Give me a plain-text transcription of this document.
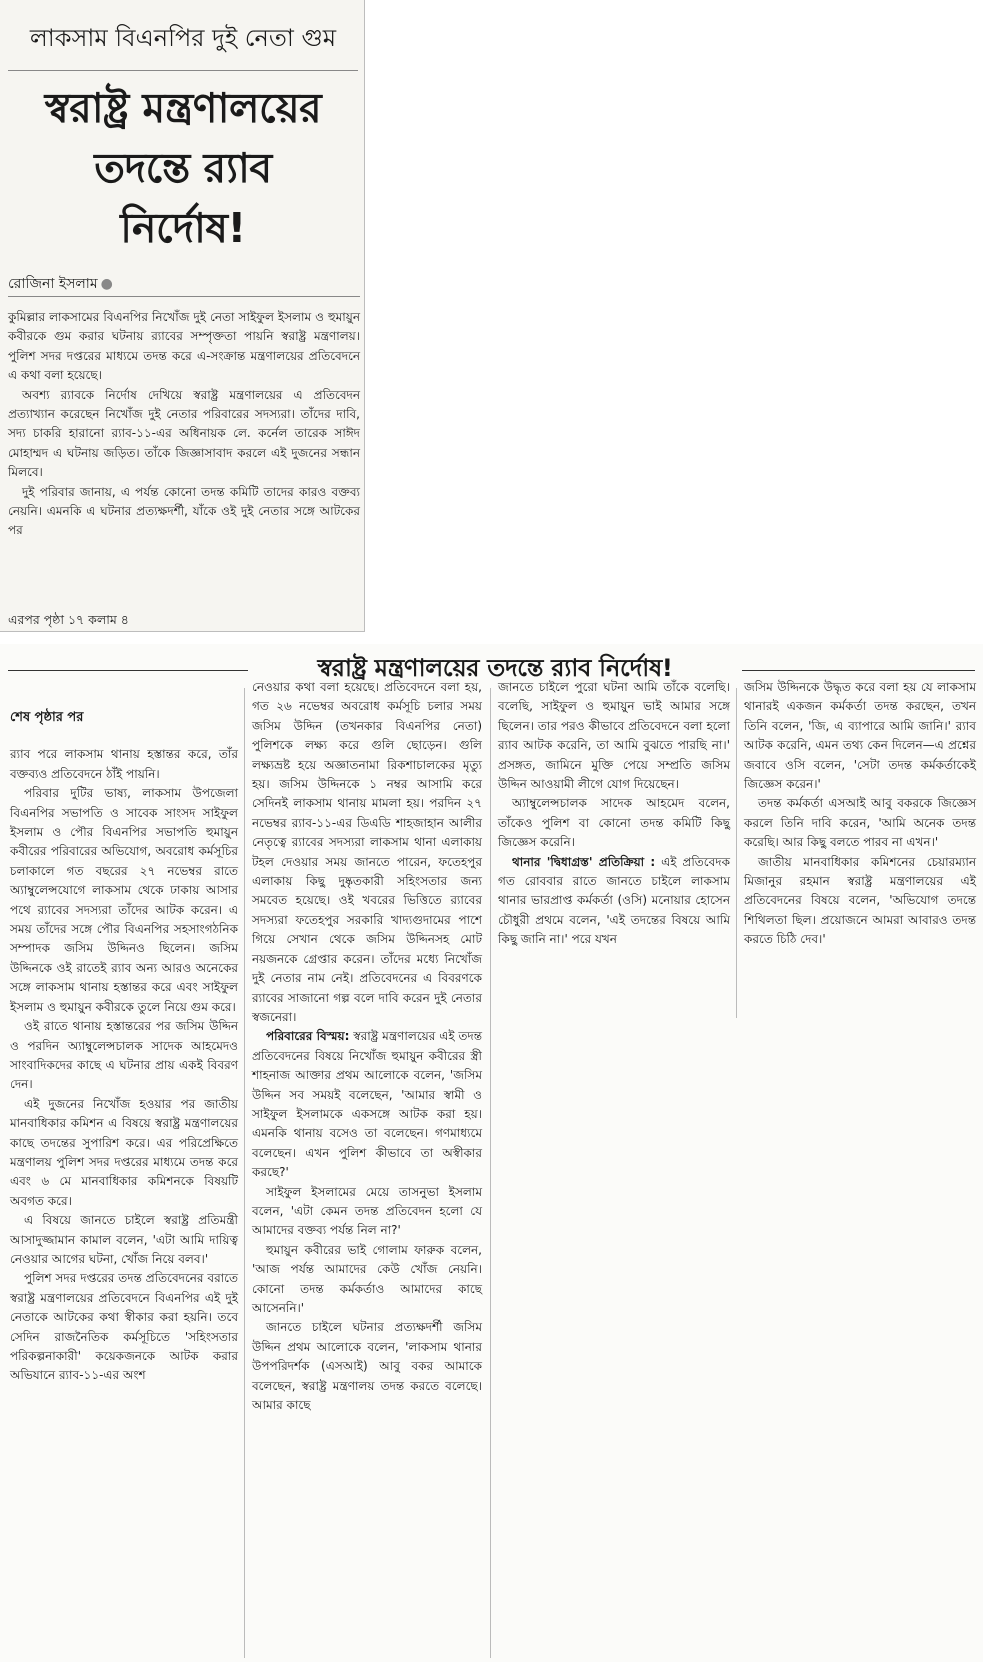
লাকসাম বিএনপির দুই নেতা গুম
স্বরাষ্ট্র মন্ত্রণালয়ের
তদন্তে র‍্যাব
নির্দোষ!
রোজিনা ইসলাম ●

কুমিল্লার লাকসামের বিএনপির নিখোঁজ দুই নেতা সাইফুল ইসলাম ও হুমায়ুন কবীরকে গুম করার ঘটনায় র‍্যাবের সম্পৃক্ততা পায়নি স্বরাষ্ট্র মন্ত্রণালয়। পুলিশ সদর দপ্তরের মাধ্যমে তদন্ত করে এ-সংক্রান্ত মন্ত্রণালয়ের প্রতিবেদনে এ কথা বলা হয়েছে।

অবশ্য র‍্যাবকে নির্দোষ দেখিয়ে স্বরাষ্ট্র মন্ত্রণালয়ের এ প্রতিবেদন প্রত্যাখ্যান করেছেন নিখোঁজ দুই নেতার পরিবারের সদস্যরা। তাঁদের দাবি, সদ্য চাকরি হারানো র‍্যাব-১১-এর অধিনায়ক লে. কর্নেল তারেক সাঈদ মোহাম্মদ এ ঘটনায় জড়িত। তাঁকে জিজ্ঞাসাবাদ করলে এই দুজনের সন্ধান মিলবে।

দুই পরিবার জানায়, এ পর্যন্ত কোনো তদন্ত কমিটি তাদের কারও বক্তব্য নেয়নি। এমনকি এ ঘটনার প্রত্যক্ষদর্শী, যাঁকে ওই দুই নেতার সঙ্গে আটকের পর

এরপর পৃষ্ঠা ১৭ কলাম ৪
স্বরাষ্ট্র মন্ত্রণালয়ের তদন্তে র‍্যাব নির্দোষ!
শেষ পৃষ্ঠার পর

র‍্যাব পরে লাকসাম থানায় হস্তান্তর করে, তাঁর বক্তব্যও প্রতিবেদনে ঠাঁই পায়নি।

পরিবার দুটির ভাষ্য, লাকসাম উপজেলা বিএনপির সভাপতি ও সাবেক সাংসদ সাইফুল ইসলাম ও পৌর বিএনপির সভাপতি হুমায়ুন কবীরের পরিবারের অভিযোগ, অবরোধ কর্মসূচির চলাকালে গত বছরের ২৭ নভেম্বর রাতে অ্যাম্বুলেন্সযোগে লাকসাম থেকে ঢাকায় আসার পথে র‍্যাবের সদস্যরা তাঁদের আটক করেন। এ সময় তাঁদের সঙ্গে পৌর বিএনপির সহসাংগঠনিক সম্পাদক জসিম উদ্দিনও ছিলেন। জসিম উদ্দিনকে ওই রাতেই র‍্যাব অন্য আরও অনেকের সঙ্গে লাকসাম থানায় হস্তান্তর করে এবং সাইফুল ইসলাম ও হুমায়ুন কবীরকে তুলে নিয়ে গুম করে।

ওই রাতে থানায় হস্তান্তরের পর জসিম উদ্দিন ও পরদিন অ্যাম্বুলেন্সচালক সাদেক আহমেদও সাংবাদিকদের কাছে এ ঘটনার প্রায় একই বিবরণ দেন।

এই দুজনের নিখোঁজ হওয়ার পর জাতীয় মানবাধিকার কমিশন এ বিষয়ে স্বরাষ্ট্র মন্ত্রণালয়ের কাছে তদন্তের সুপারিশ করে। এর পরিপ্রেক্ষিতে মন্ত্রণালয় পুলিশ সদর দপ্তরের মাধ্যমে তদন্ত করে এবং ৬ মে মানবাধিকার কমিশনকে বিষয়টি অবগত করে।

এ বিষয়ে জানতে চাইলে স্বরাষ্ট্র প্রতিমন্ত্রী আসাদুজ্জামান কামাল বলেন, 'এটা আমি দায়িত্ব নেওয়ার আগের ঘটনা, খোঁজ নিয়ে বলব।'

পুলিশ সদর দপ্তরের তদন্ত প্রতিবেদনের বরাতে স্বরাষ্ট্র মন্ত্রণালয়ের প্রতিবেদনে বিএনপির এই দুই নেতাকে আটকের কথা স্বীকার করা হয়নি। তবে সেদিন রাজনৈতিক কর্মসূচিতে 'সহিংসতার পরিকল্পনাকারী' কয়েকজনকে আটক করার অভিযানে র‍্যাব-১১-এর অংশ

নেওয়ার কথা বলা হয়েছে। প্রতিবেদনে বলা হয়, গত ২৬ নভেম্বর অবরোধ কর্মসূচি চলার সময় জসিম উদ্দিন (তখনকার বিএনপির নেতা) পুলিশকে লক্ষ্য করে গুলি ছোড়েন। গুলি লক্ষ্যভ্রষ্ট হয়ে অজ্ঞাতনামা রিকশাচালকের মৃত্যু হয়। জসিম উদ্দিনকে ১ নম্বর আসামি করে সেদিনই লাকসাম থানায় মামলা হয়। পরদিন ২৭ নভেম্বর র‍্যাব-১১-এর ডিএডি শাহজাহান আলীর নেতৃত্বে র‍্যাবের সদস্যরা লাকসাম থানা এলাকায় টহল দেওয়ার সময় জানতে পারেন, ফতেহপুর এলাকায় কিছু দুষ্কৃতকারী সহিংসতার জন্য সমবেত হয়েছে। ওই খবরের ভিত্তিতে র‍্যাবের সদস্যরা ফতেহপুর সরকারি খাদ্যগুদামের পাশে গিয়ে সেখান থেকে জসিম উদ্দিনসহ মোট নয়জনকে গ্রেপ্তার করেন। তাঁদের মধ্যে নিখোঁজ দুই নেতার নাম নেই। প্রতিবেদনের এ বিবরণকে র‍্যাবের সাজানো গল্প বলে দাবি করেন দুই নেতার স্বজনেরা।

পরিবারের বিস্ময়: স্বরাষ্ট্র মন্ত্রণালয়ের এই তদন্ত প্রতিবেদনের বিষয়ে নিখোঁজ হুমায়ুন কবীরের স্ত্রী শাহনাজ আক্তার প্রথম আলোকে বলেন, 'জসিম উদ্দিন সব সময়ই বলেছেন, 'আমার স্বামী ও সাইফুল ইসলামকে একসঙ্গে আটক করা হয়। এমনকি থানায় বসেও তা বলেছেন। গণমাধ্যমে বলেছেন। এখন পুলিশ কীভাবে তা অস্বীকার করছে?'

সাইফুল ইসলামের মেয়ে তাসনুভা ইসলাম বলেন, 'এটা কেমন তদন্ত প্রতিবেদন হলো যে আমাদের বক্তব্য পর্যন্ত নিল না?'

হুমায়ুন কবীরের ভাই গোলাম ফারুক বলেন, 'আজ পর্যন্ত আমাদের কেউ খোঁজ নেয়নি। কোনো তদন্ত কর্মকর্তাও আমাদের কাছে আসেননি।'

জানতে চাইলে ঘটনার প্রত্যক্ষদর্শী জসিম উদ্দিন প্রথম আলোকে বলেন, 'লাকসাম থানার উপপরিদর্শক (এসআই) আবু বকর আমাকে বলেছেন, স্বরাষ্ট্র মন্ত্রণালয় তদন্ত করতে বলেছে। আমার কাছে

জানতে চাইলে পুরো ঘটনা আমি তাঁকে বলেছি। বলেছি, সাইফুল ও হুমায়ুন ভাই আমার সঙ্গে ছিলেন। তার পরও কীভাবে প্রতিবেদনে বলা হলো র‍্যাব আটক করেনি, তা আমি বুঝতে পারছি না।' প্রসঙ্গত, জামিনে মুক্তি পেয়ে সম্প্রতি জসিম উদ্দিন আওয়ামী লীগে যোগ দিয়েছেন।

অ্যাম্বুলেন্সচালক সাদেক আহমেদ বলেন, তাঁকেও পুলিশ বা কোনো তদন্ত কমিটি কিছু জিজ্ঞেস করেনি।

থানার 'দ্বিধাগ্রস্ত' প্রতিক্রিয়া : এই প্রতিবেদক গত রোববার রাতে জানতে চাইলে লাকসাম থানার ভারপ্রাপ্ত কর্মকর্তা (ওসি) মনোয়ার হোসেন চৌধুরী প্রথমে বলেন, 'এই তদন্তের বিষয়ে আমি কিছু জানি না।' পরে যখন

জসিম উদ্দিনকে উদ্ধৃত করে বলা হয় যে লাকসাম থানারই একজন কর্মকর্তা তদন্ত করছেন, তখন তিনি বলেন, 'জি, এ ব্যাপারে আমি জানি।' র‍্যাব আটক করেনি, এমন তথ্য কেন দিলেন—এ প্রশ্নের জবাবে ওসি বলেন, 'সেটা তদন্ত কর্মকর্তাকেই জিজ্ঞেস করেন।'

তদন্ত কর্মকর্তা এসআই আবু বকরকে জিজ্ঞেস করলে তিনি দাবি করেন, 'আমি অনেক তদন্ত করেছি। আর কিছু বলতে পারব না এখন।'

জাতীয় মানবাধিকার কমিশনের চেয়ারম্যান মিজানুর রহমান স্বরাষ্ট্র মন্ত্রণালয়ের এই প্রতিবেদনের বিষয়ে বলেন, 'অভিযোগ তদন্তে শিথিলতা ছিল। প্রয়োজনে আমরা আবারও তদন্ত করতে চিঠি দেব।'
